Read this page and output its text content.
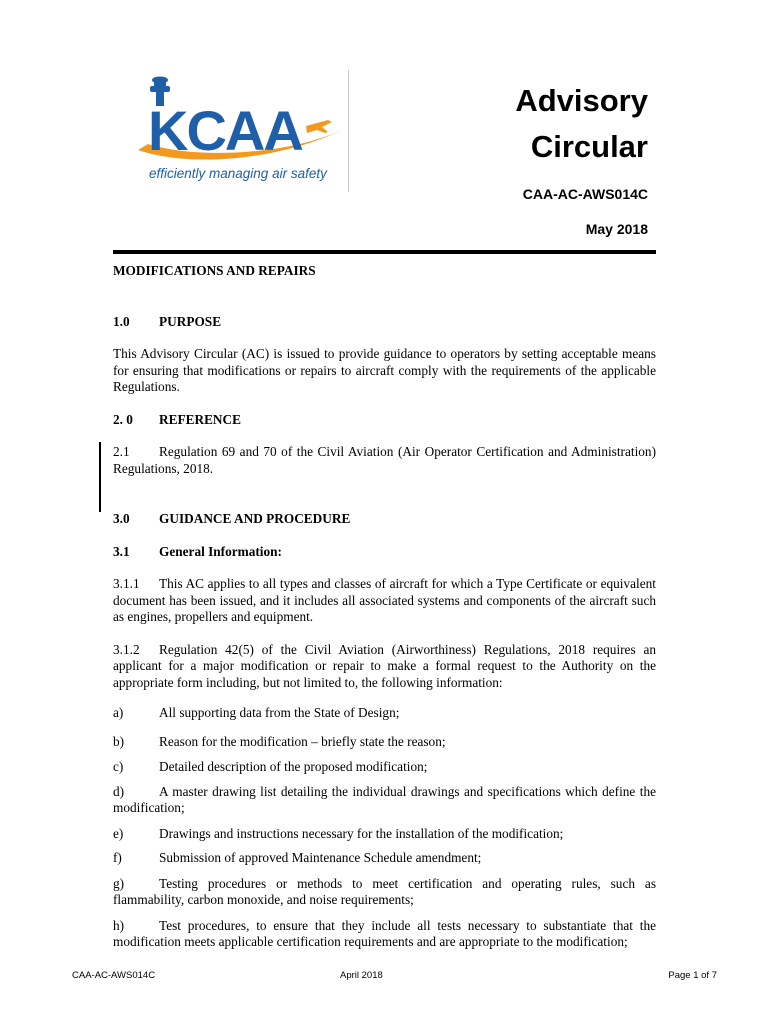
KCAA
efficiently managing air safety
Advisory
Circular
CAA-AC-AWS014C
May 2018

MODIFICATIONS AND REPAIRS

1.0 PURPOSE

This Advisory Circular (AC) is issued to provide guidance to operators by setting acceptable means for ensuring that modifications or repairs to aircraft comply with the requirements of the applicable Regulations.

2. 0 REFERENCE

2.1 Regulation 69 and 70 of the Civil Aviation (Air Operator Certification and Administration) Regulations, 2018.

3.0 GUIDANCE AND PROCEDURE

3.1 General Information:

3.1.1 This AC applies to all types and classes of aircraft for which a Type Certificate or equivalent document has been issued, and it includes all associated systems and components of the aircraft such as engines, propellers and equipment.

3.1.2 Regulation 42(5) of the Civil Aviation (Airworthiness) Regulations, 2018 requires an applicant for a major modification or repair to make a formal request to the Authority on the appropriate form including, but not limited to, the following information:

a)	All supporting data from the State of Design;

b)	Reason for the modification – briefly state the reason;

c)	Detailed description of the proposed modification;

d)	A master drawing list detailing the individual drawings and specifications which define the modification;

e)	Drawings and instructions necessary for the installation of the modification;

f)	Submission of approved Maintenance Schedule amendment;

g)	Testing procedures or methods to meet certification and operating rules, such as flammability, carbon monoxide, and noise requirements;

h)	Test procedures, to ensure that they include all tests necessary to substantiate that the modification meets applicable certification requirements and are appropriate to the modification;

CAA-AC-AWS014C	April 2018	Page 1 of 7
